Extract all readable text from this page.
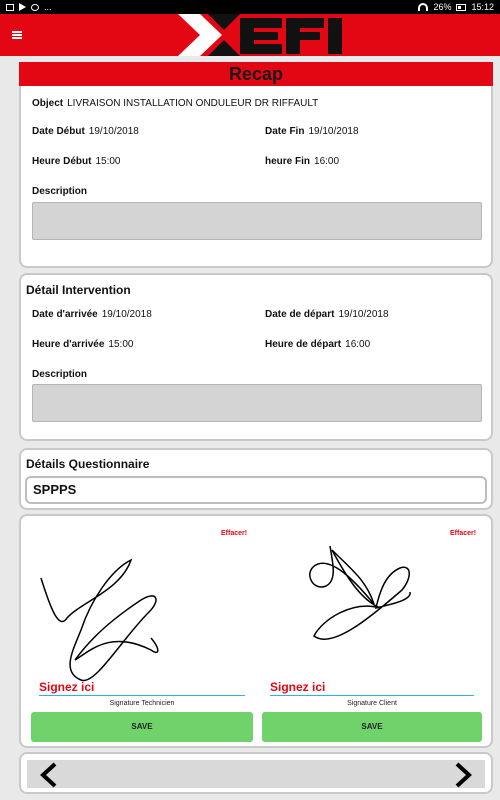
...	26% 15:12
Recap
Object LIVRAISON INSTALLATION ONDULEUR DR RIFFAULT
Date Début 19/10/2018	Date Fin 19/10/2018
Heure Début 15:00	heure Fin 16:00
Description
Détail Intervention
Date d'arrivée 19/10/2018	Date de départ 19/10/2018
Heure d'arrivée 15:00	Heure de départ 16:00
Description
Détails Questionnaire
SPPPS
Effacer!
Signez ici
Signature Technicien
SAVE
Effacer!
Signez ici
Signature Client
SAVE
